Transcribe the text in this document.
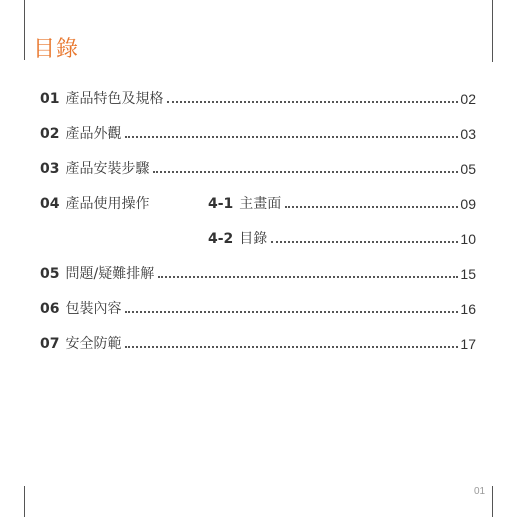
目錄
01 產品特色及規格	02
02 產品外觀	03
03 產品安裝步驟	05
04 產品使用操作	4-1 主畫面	09
4-2 目錄	10
05 問題/疑難排解	15
06 包裝內容	16
07 安全防範	17
01
